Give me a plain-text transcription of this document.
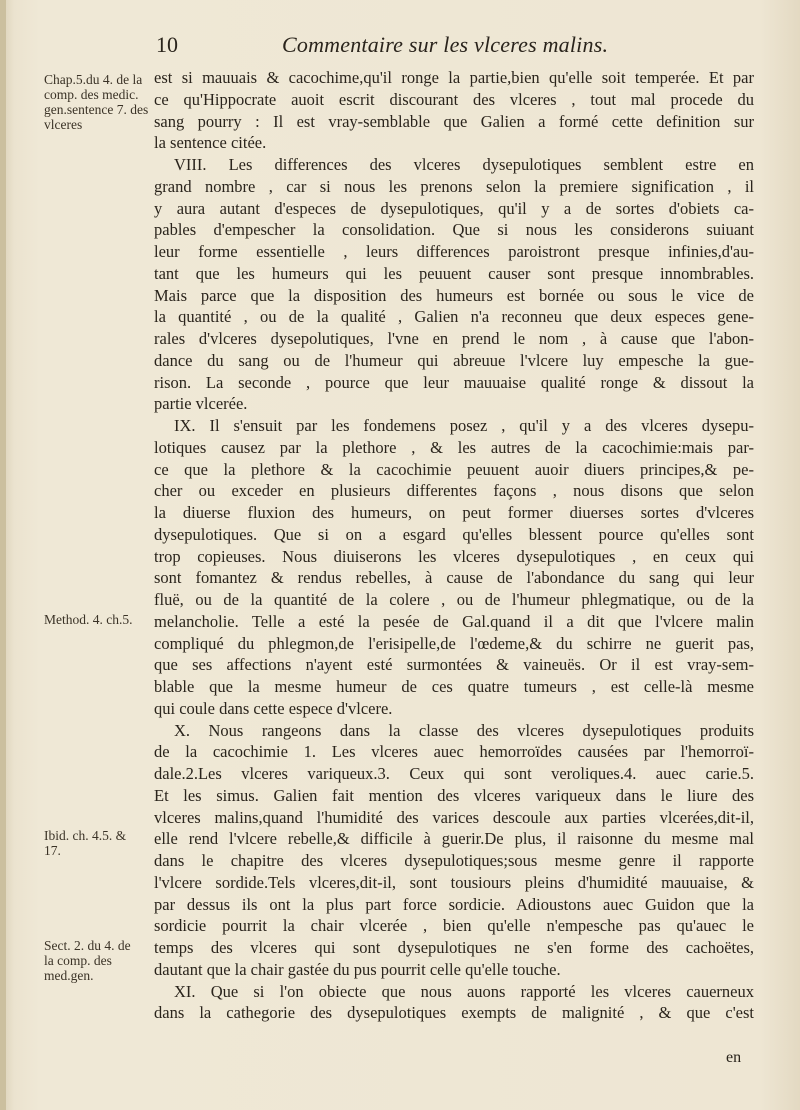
10	Commentaire sur les vlceres malins.
Chap.5.du 4. de la comp. des medic. gen.sentence 7. des vlceres
Method. 4. ch.5.
Ibid. ch. 4.5. & 17.
Sect. 2. du 4. de la comp. des med.gen.
est si mauuais & cacochime,qu'il ronge la partie,bien qu'elle soit temperée. Et par
ce qu'Hippocrate auoit escrit discourant des vlceres , tout mal procede du
sang pourry : Il est vray-semblable que Galien a formé cette definition sur
la sentence citée.
VIII. Les differences des vlceres dysepulotiques semblent estre en
grand nombre , car si nous les prenons selon la premiere signification , il
y aura autant d'especes de dysepulotiques, qu'il y a de sortes d'obiets ca-
pables d'empescher la consolidation. Que si nous les considerons suiuant
leur forme essentielle , leurs differences paroistront presque infinies,d'au-
tant que les humeurs qui les peuuent causer sont presque innombrables.
Mais parce que la disposition des humeurs est bornée ou sous le vice de
la quantité , ou de la qualité , Galien n'a reconneu que deux especes gene-
rales d'vlceres dysepolutiques, l'vne en prend le nom , à cause que l'abon-
dance du sang ou de l'humeur qui abreuue l'vlcere luy empesche la gue-
rison. La seconde , pource que leur mauuaise qualité ronge & dissout la
partie vlcerée.
IX. Il s'ensuit par les fondemens posez , qu'il y a des vlceres dysepu-
lotiques causez par la plethore , & les autres de la cacochimie:mais par-
ce que la plethore & la cacochimie peuuent auoir diuers principes,& pe-
cher ou exceder en plusieurs differentes façons , nous disons que selon
la diuerse fluxion des humeurs, on peut former diuerses sortes d'vlceres
dysepulotiques. Que si on a esgard qu'elles blessent pource qu'elles sont
trop copieuses. Nous diuiserons les vlceres dysepulotiques , en ceux qui
sont fomantez & rendus rebelles, à cause de l'abondance du sang qui leur
fluë, ou de la quantité de la colere , ou de l'humeur phlegmatique, ou de la
melancholie. Telle a esté la pesée de Gal.quand il a dit que l'vlcere malin
compliqué du phlegmon,de l'erisipelle,de l'œdeme,& du schirre ne guerit pas,
que ses affections n'ayent esté surmontées & vaineuës. Or il est vray-sem-
blable que la mesme humeur de ces quatre tumeurs , est celle-là mesme
qui coule dans cette espece d'vlcere.
X. Nous rangeons dans la classe des vlceres dysepulotiques produits
de la cacochimie 1. Les vlceres auec hemorroïdes causées par l'hemorroï-
dale.2.Les vlceres variqueux.3. Ceux qui sont veroliques.4. auec carie.5.
Et les simus. Galien fait mention des vlceres variqueux dans le liure des
vlceres malins,quand l'humidité des varices descoule aux parties vlcerées,dit-il,
elle rend l'vlcere rebelle,& difficile à guerir.De plus, il raisonne du mesme mal
dans le chapitre des vlceres dysepulotiques;sous mesme genre il rapporte
l'vlcere sordide.Tels vlceres,dit-il, sont tousiours pleins d'humidité mauuaise, &
par dessus ils ont la plus part force sordicie. Adioustons auec Guidon que la
sordicie pourrit la chair vlcerée , bien qu'elle n'empesche pas qu'auec le
temps des vlceres qui sont dysepulotiques ne s'en forme des cachoëtes,
dautant que la chair gastée du pus pourrit celle qu'elle touche.
XI. Que si l'on obiecte que nous auons rapporté les vlceres cauerneux
dans la cathegorie des dysepulotiques exempts de malignité , & que c'est
en
